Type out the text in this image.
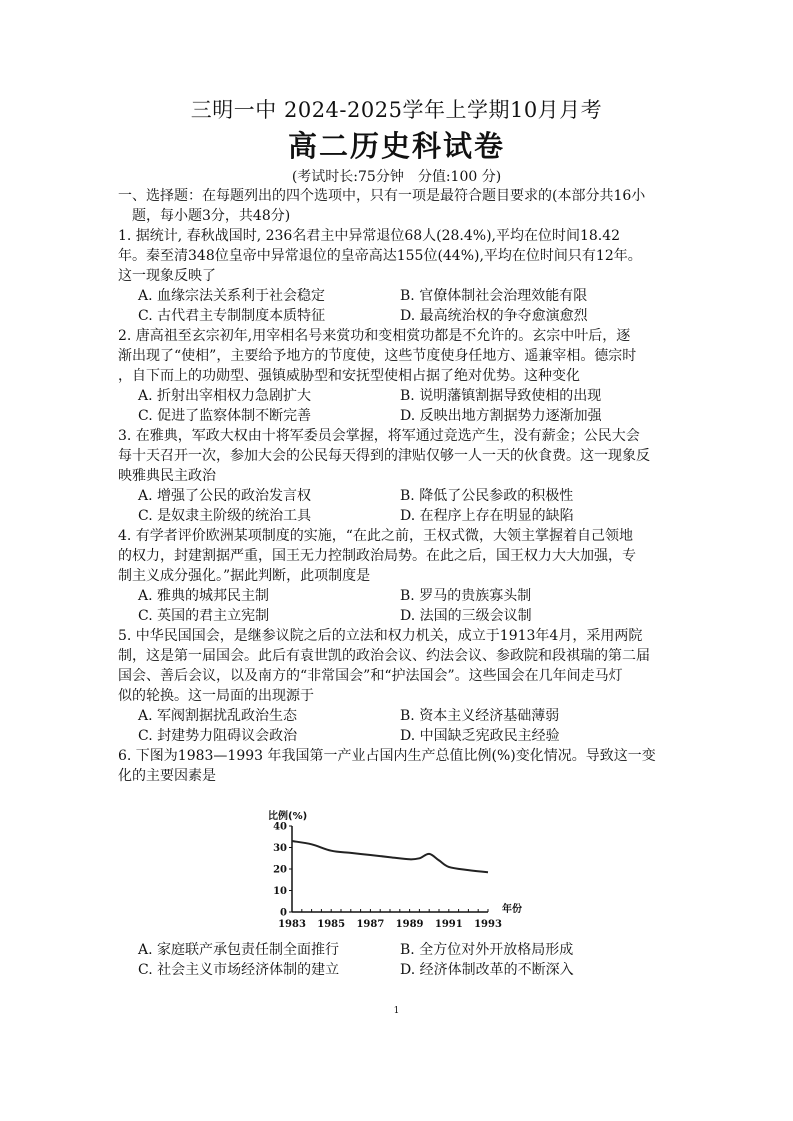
三明一中 2024-2025学年上学期10月月考
高二历史科试卷
(考试时长:75分钟　分值:100 分)
一、选择题：在每题列出的四个选项中，只有一项是最符合题目要求的(本部分共16小
题，每小题3分，共48分)
1. 据统计, 春秋战国时, 236名君主中异常退位68人(28.4%),平均在位时间18.42
年。秦至清348位皇帝中异常退位的皇帝高达155位(44%),平均在位时间只有12年。
这一现象反映了
A. 血缘宗法关系利于社会稳定	B. 官僚体制社会治理效能有限
C. 古代君主专制制度本质特征	D. 最高统治权的争夺愈演愈烈
2. 唐高祖至玄宗初年,用宰相名号来赏功和变相赏功都是不允许的。玄宗中叶后，逐
渐出现了“使相”，主要给予地方的节度使，这些节度使身任地方、遥兼宰相。德宗时
，自下而上的功勋型、强镇威胁型和安抚型使相占据了绝对优势。这种变化
A. 折射出宰相权力急剧扩大	B. 说明藩镇割据导致使相的出现
C. 促进了监察体制不断完善	D. 反映出地方割据势力逐渐加强
3. 在雅典，军政大权由十将军委员会掌握，将军通过竞选产生，没有薪金；公民大会
每十天召开一次，参加大会的公民每天得到的津贴仅够一人一天的伙食费。这一现象反
映雅典民主政治
A. 增强了公民的政治发言权	B. 降低了公民参政的积极性
C. 是奴隶主阶级的统治工具	D. 在程序上存在明显的缺陷
4. 有学者评价欧洲某项制度的实施，“在此之前，王权式微，大领主掌握着自己领地
的权力，封建割据严重，国王无力控制政治局势。在此之后，国王权力大大加强，专
制主义成分强化。”据此判断，此项制度是
A. 雅典的城邦民主制	B. 罗马的贵族寡头制
C. 英国的君主立宪制	D. 法国的三级会议制
5. 中华民国国会，是继参议院之后的立法和权力机关，成立于1913年4月，采用两院
制，这是第一届国会。此后有袁世凯的政治会议、约法会议、参政院和段祺瑞的第二届
国会、善后会议，以及南方的“非常国会”和“护法国会”。这些国会在几年间走马灯
似的轮换。这一局面的出现源于
A. 军阀割据扰乱政治生态	B. 资本主义经济基础薄弱
C. 封建势力阻碍议会政治	D. 中国缺乏宪政民主经验
6. 下图为1983—1993 年我国第一产业占国内生产总值比例(%)变化情况。导致这一变
化的主要因素是
比例(%)
年份
0
10
20
30
40
1983 1985 1987 1989 1991 1993
A. 家庭联产承包责任制全面推行	B. 全方位对外开放格局形成
C. 社会主义市场经济体制的建立	D. 经济体制改革的不断深入
1
